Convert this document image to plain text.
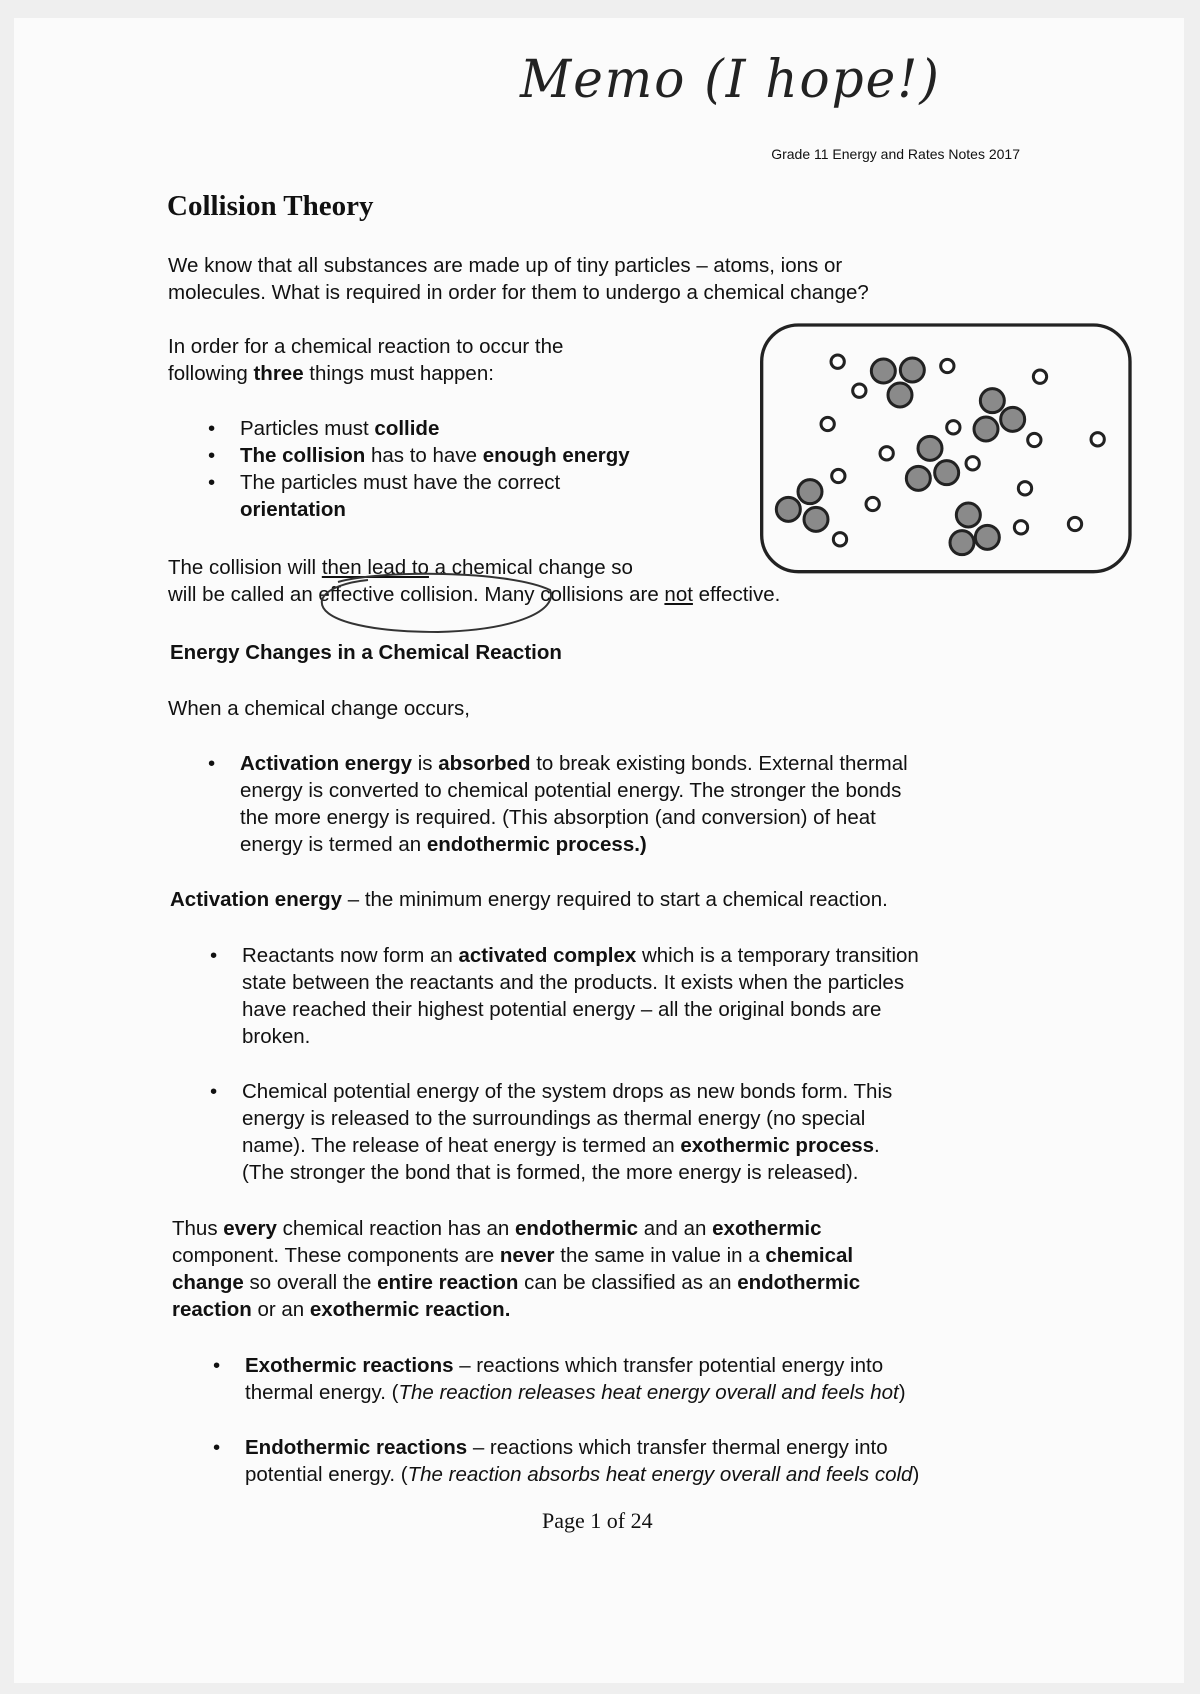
Memo (I hope!)
Grade 11 Energy and Rates Notes 2017
Collision Theory
We know that all substances are made up of tiny particles – atoms, ions or
molecules. What is required in order for them to undergo a chemical change?
In order for a chemical reaction to occur the
following three things must happen:
• Particles must collide
• The collision has to have enough energy
• The particles must have the correct
orientation
The collision will then lead to a chemical change so
will be called an effective collision. Many collisions are not effective.
Energy Changes in a Chemical Reaction
When a chemical change occurs,
• Activation energy is absorbed to break existing bonds. External thermal
energy is converted to chemical potential energy. The stronger the bonds
the more energy is required. (This absorption (and conversion) of heat
energy is termed an endothermic process.)
Activation energy – the minimum energy required to start a chemical reaction.
• Reactants now form an activated complex which is a temporary transition
state between the reactants and the products. It exists when the particles
have reached their highest potential energy – all the original bonds are
broken.
• Chemical potential energy of the system drops as new bonds form. This
energy is released to the surroundings as thermal energy (no special
name). The release of heat energy is termed an exothermic process.
(The stronger the bond that is formed, the more energy is released).
Thus every chemical reaction has an endothermic and an exothermic
component. These components are never the same in value in a chemical
change so overall the entire reaction can be classified as an endothermic
reaction or an exothermic reaction.
• Exothermic reactions – reactions which transfer potential energy into
thermal energy. (The reaction releases heat energy overall and feels hot)
• Endothermic reactions – reactions which transfer thermal energy into
potential energy. (The reaction absorbs heat energy overall and feels cold)
Page 1 of 24
